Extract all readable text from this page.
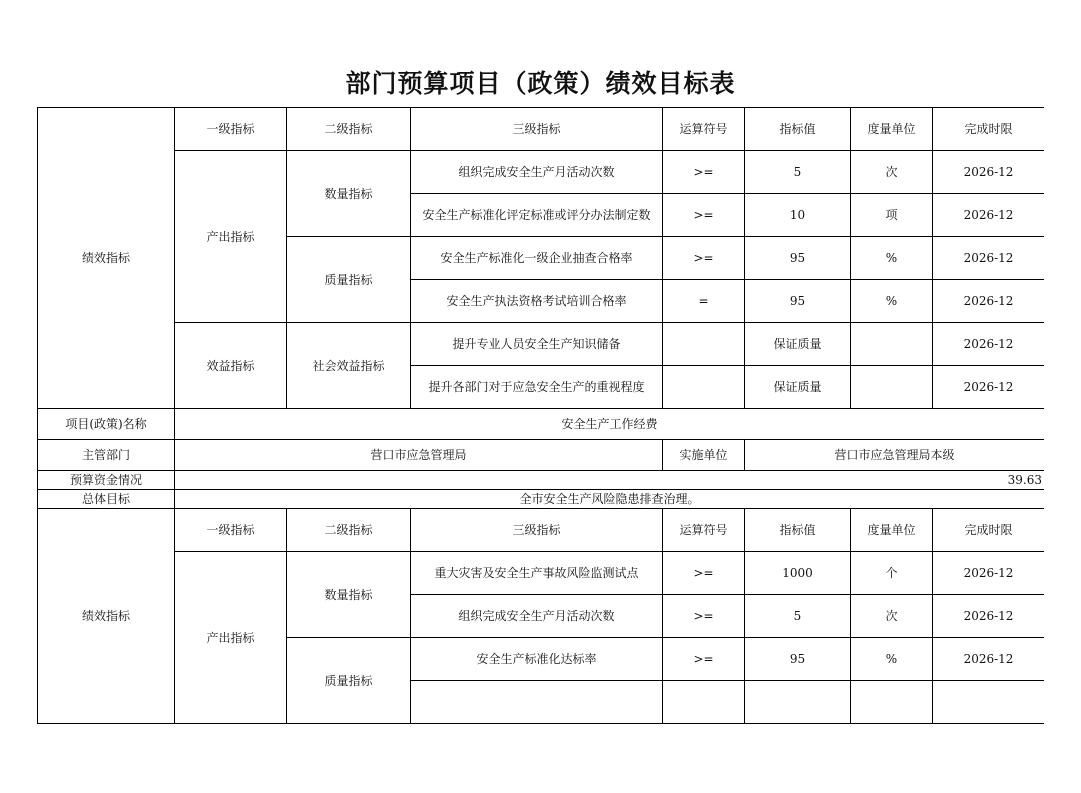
部门预算项目（政策）绩效目标表
绩效指标	一级指标	二级指标	三级指标	运算符号	指标值	度量单位	完成时限
	产出指标	数量指标	组织完成安全生产月活动次数	>=	5	次	2026-12
			安全生产标准化评定标准或评分办法制定数	>=	10	项	2026-12
		质量指标	安全生产标准化一级企业抽查合格率	>=	95	%	2026-12
			安全生产执法资格考试培训合格率	=	95	%	2026-12
	效益指标	社会效益指标	提升专业人员安全生产知识储备		保证质量		2026-12
			提升各部门对于应急安全生产的重视程度		保证质量		2026-12
项目(政策)名称	安全生产工作经费						
主管部门	营口市应急管理局			实施单位	营口市应急管理局本级		
预算资金情况	39.63						
总体目标	全市安全生产风险隐患排查治理。						
绩效指标	一级指标	二级指标	三级指标	运算符号	指标值	度量单位	完成时限
	产出指标	数量指标	重大灾害及安全生产事故风险监测试点	>=	1000	个	2026-12
			组织完成安全生产月活动次数	>=	5	次	2026-12
		质量指标	安全生产标准化达标率	>=	95	%	2026-12
